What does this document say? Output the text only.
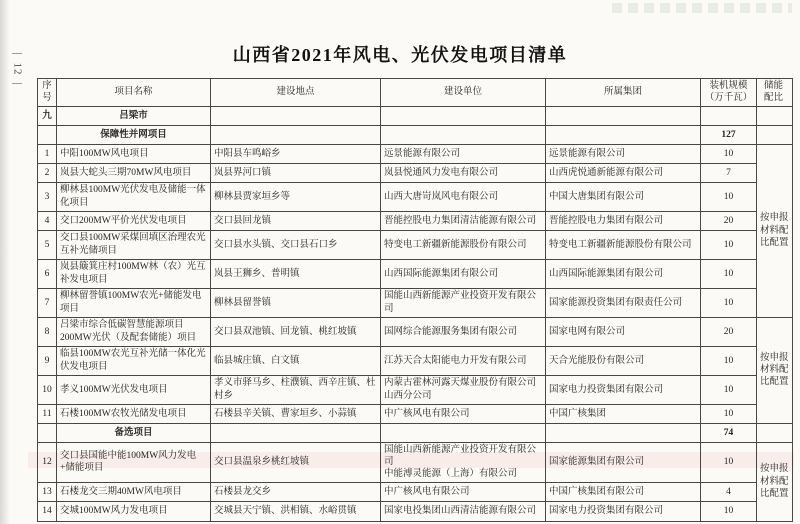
—
12
—
山西省2021年风电、光伏发电项目清单
序号	项目名称	建设地点	建设单位	所属集团	装机规模（万千瓦）	储能配比
九	吕梁市					
	保障性并网项目				127	
1	中阳100MW风电项目	中阳县车鸣峪乡	远景能源有限公司	远景能源有限公司	10	按申报材料配比配置
2	岚县大蛇头三期70MW风电项目	岚县界河口镇	岚县悦通风力发电有限公司	山西虎悦通新能源有限公司	7	
3	柳林县100MW光伏发电及储能一体化项目	柳林县贾家垣乡等	山西大唐岢岚风电有限公司	中国大唐集团有限公司	10	
4	交口200MW平价光伏发电项目	交口县回龙镇	晋能控股电力集团清洁能源有限公司	晋能控股电力集团有限公司	20	
5	交口县100MW采煤回填区治理农光互补光储项目	交口县水头镇、交口县石口乡	特变电工新疆新能源股份有限公司	特变电工新疆新能源股份有限公司	10	
6	岚县簸箕庄村100MW林（农）光互补发电项目	岚县王狮乡、普明镇	山西国际能源集团有限公司	山西国际能源集团有限公司	10	
7	柳林留誉镇100MW农光+储能发电项目	柳林县留誉镇	国能山西新能源产业投资开发有限公司	国家能源投资集团有限责任公司	10	
8	吕梁市综合低碳智慧能源项目200MW光伏（及配套储能）项目	交口县双池镇、回龙镇、桃红坡镇	国网综合能源服务集团有限公司	国家电网有限公司	20	按申报材料配比配置
9	临县100MW农光互补光储一体化光伏发电项目	临县城庄镇、白文镇	江苏天合太阳能电力开发有限公司	天合光能股份有限公司	10	
10	孝义100MW光伏发电项目	孝义市驿马乡、柱濮镇、西辛庄镇、杜村乡	内蒙古霍林河露天煤业股份有限公司山西分公司	国家电力投资集团有限公司	10	
11	石楼100MW农牧光储发电项目	石楼县辛关镇、曹家垣乡、小蒜镇	中广核风电有限公司	中国广核集团	10	
	备选项目				74	
12	交口县国能中能100MW风力发电+储能项目	交口县温泉乡桃红坡镇	国能山西新能源产业投资开发有限公司
中能溥灵能源（上海）有限公司	国家能源集团有限公司	10	按申报材料配比配置
13	石楼龙交三期40MW风电项目	石楼县龙交乡	中广核风电有限公司	中国广核集团有限公司	4	
14	交城100MW风力发电项目	交城县天宁镇、洪相镇、水峪贯镇	国家电投集团山西清洁能源有限公司	国家电力投资集团有限公司	10	
